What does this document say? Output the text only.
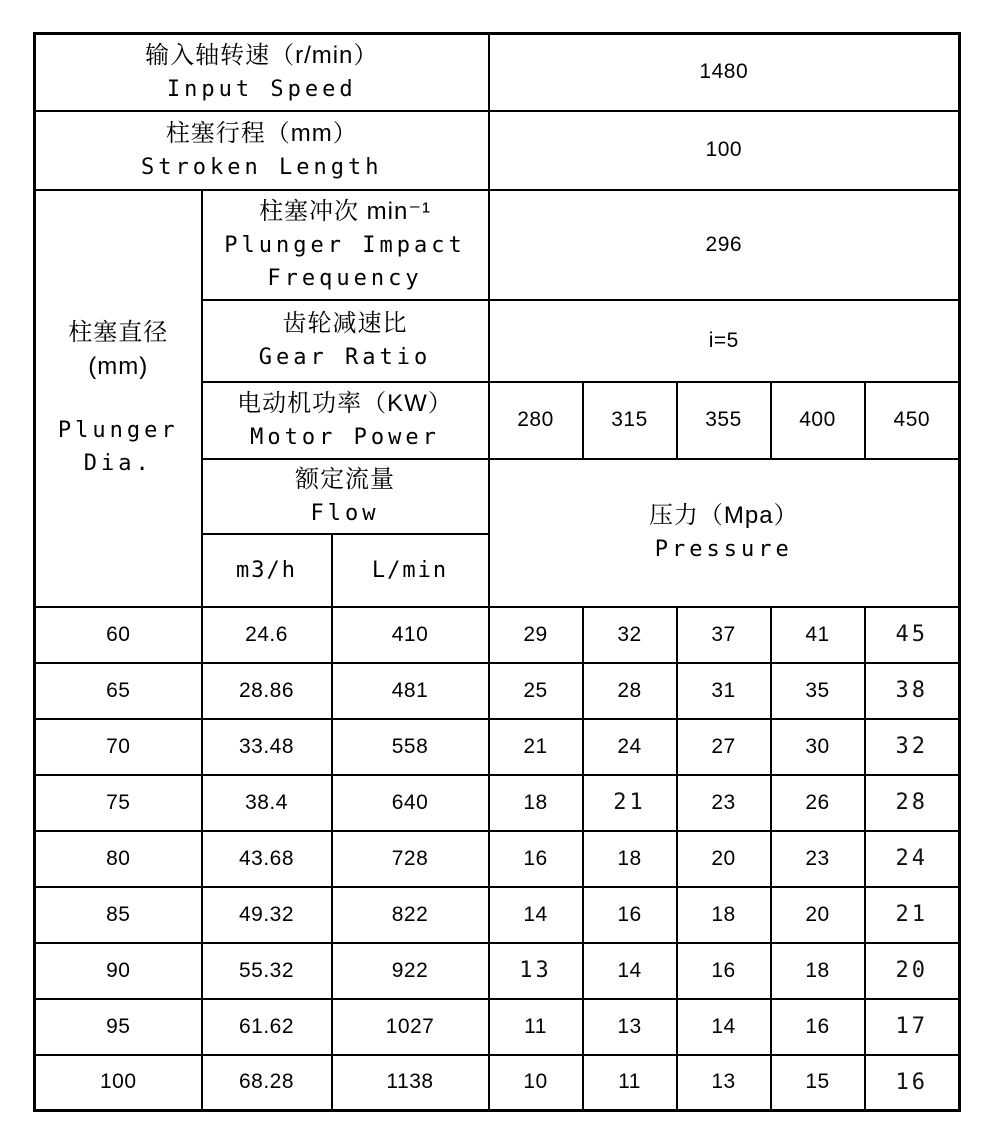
输入轴转速（r/min）
Input Speed			1480				

柱塞行程（mm）
Stroken Length			100				

柱塞直径
(mm)
Plunger
Dia.

柱塞冲次 min⁻¹
Plunger Impact
Frequency
	296

	齿轮减速比
Gear Ratio		i=5				

	电动机功率（KW）
Motor Power		280	315	355	400	450

额定流量
Flow	压力（Mpa）
Pressure

	m3/h	L/min					
60	24.6	410	29	32	37	41	45
65	28.86	481	25	28	31	35	38
70	33.48	558	21	24	27	30	32
75	38.4	640	18	21	23	26	28
80	43.68	728	16	18	20	23	24
85	49.32	822	14	16	18	20	21
90	55.32	922	13	14	16	18	20
95	61.62	1027	11	13	14	16	17
100	68.28	1138	10	11	13	15	16
